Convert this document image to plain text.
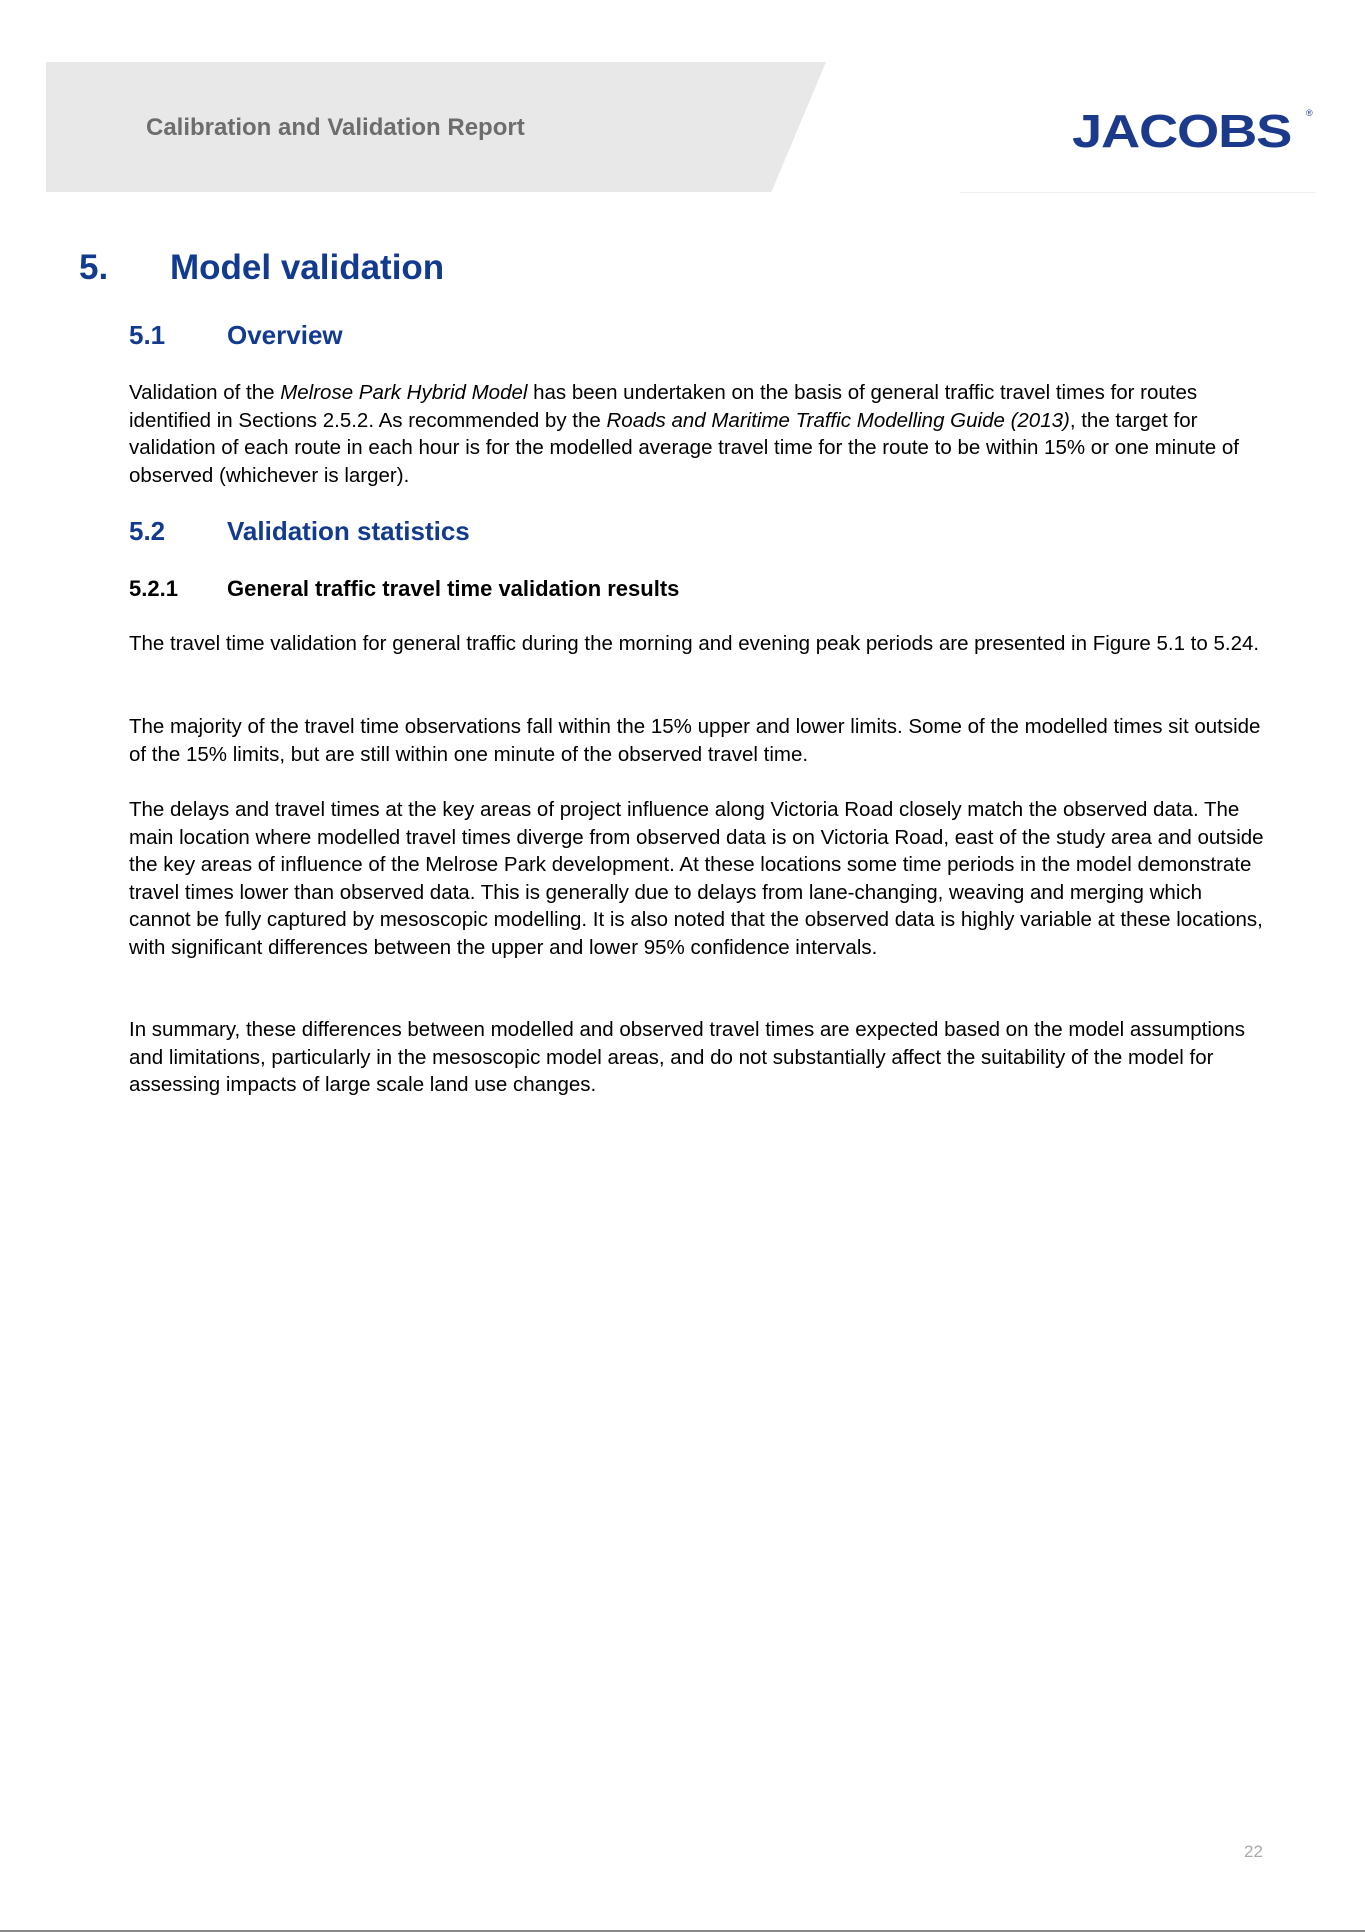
Calibration and Validation Report	JACOBS ®
5. Model validation
5.1 Overview

Validation of the Melrose Park Hybrid Model has been undertaken on the basis of general traffic travel times for routes identified in Sections 2.5.2. As recommended by the Roads and Maritime Traffic Modelling Guide (2013), the target for validation of each route in each hour is for the modelled average travel time for the route to be within 15% or one minute of observed (whichever is larger).

5.2 Validation statistics
5.2.1 General traffic travel time validation results

The travel time validation for general traffic during the morning and evening peak periods are presented in Figure 5.1 to 5.24.

The majority of the travel time observations fall within the 15% upper and lower limits. Some of the modelled times sit outside of the 15% limits, but are still within one minute of the observed travel time.

The delays and travel times at the key areas of project influence along Victoria Road closely match the observed data. The main location where modelled travel times diverge from observed data is on Victoria Road, east of the study area and outside the key areas of influence of the Melrose Park development. At these locations some time periods in the model demonstrate travel times lower than observed data. This is generally due to delays from lane-changing, weaving and merging which cannot be fully captured by mesoscopic modelling. It is also noted that the observed data is highly variable at these locations, with significant differences between the upper and lower 95% confidence intervals.

In summary, these differences between modelled and observed travel times are expected based on the model assumptions and limitations, particularly in the mesoscopic model areas, and do not substantially affect the suitability of the model for assessing impacts of large scale land use changes.

22
